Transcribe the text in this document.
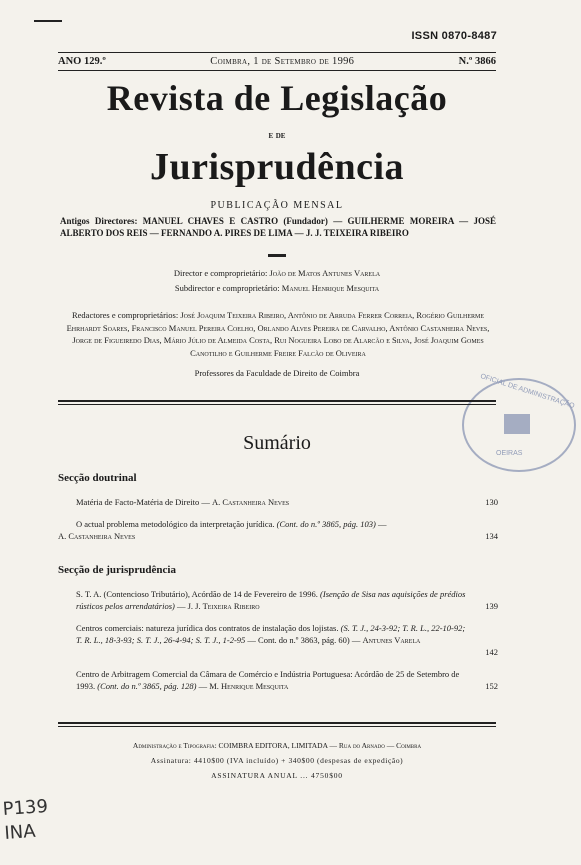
ISSN 0870-8487
ANO 129.º	Coimbra, 1 de Setembro de 1996	N.º 3866
Revista de Legislação
e de
Jurisprudência
PUBLICAÇÃO MENSAL
Antigos Directores: MANUEL CHAVES E CASTRO (Fundador) — GUILHERME MOREIRA — JOSÉ ALBERTO DOS REIS — FERNANDO A. PIRES DE LIMA — J. J. TEIXEIRA RIBEIRO
Director e comproprietário: João de Matos Antunes Varela
Subdirector e comproprietário: Manuel Henrique Mesquita
Redactores e comproprietários: José Joaquim Teixeira Ribeiro, Antônio de Arruda Ferrer Correia, Rogério Guilherme Ehrhardt Soares, Francisco Manuel Pereira Coelho, Orlando Alves Pereira de Carvalho, Antônio Castanheira Neves, Jorge de Figueiredo Dias, Mário Júlio de Almeida Costa, Rui Nogueira Lobo de Alarcão e Silva, José Joaquim Gomes Canotilho e Guilherme Freire Falcão de Oliveira
Professores da Faculdade de Direito de Coimbra	OFICIAL DE ADMINISTRAÇÃO
OEIRAS
Sumário
Secção doutrinal
Matéria de Facto-Matéria de Direito — A. Castanheira Neves	130
O actual problema metodológico da interpretação jurídica. (Cont. do n.º 3865, pág. 103) —
A. Castanheira Neves	134
Secção de jurisprudência
S. T. A. (Contencioso Tributário), Acórdão de 14 de Fevereiro de 1996. (Isenção de Sisa nas aquisições de prédios rústicos pelos arrendatários) — J. J. Teixeira Ribeiro	139
Centros comerciais: natureza jurídica dos contratos de instalação dos lojistas. (S. T. J., 24-3-92; T. R. L., 22-10-92; T. R. L., 18-3-93; S. T. J., 26-4-94; S. T. J., 1-2-95 — Cont. do n.º 3863, pág. 60) — Antunes Varela
142
Centro de Arbitragem Comercial da Câmara de Comércio e Indústria Portuguesa: Acórdão de 25 de Setembro de 1993. (Cont. do n.º 3865, pág. 128) — M. Henrique Mesquita	152
Administração e Tipografia: COIMBRA EDITORA, LIMITADA — Rua do Arnado — Coimbra
Assinatura: 4410$00 (IVA incluído) + 340$00 (despesas de expedição)
ASSINATURA ANUAL ... 4750$00
P139
INA
